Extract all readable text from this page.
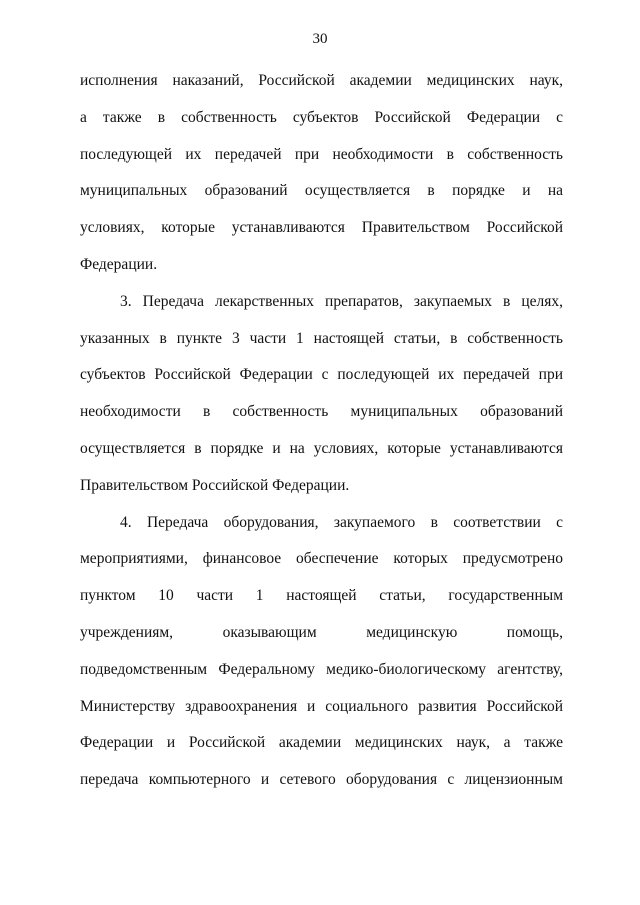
30
исполнения наказаний, Российской академии медицинских наук,
а также в собственность субъектов Российской Федерации с
последующей их передачей при необходимости в собственность
муниципальных образований осуществляется в порядке и на
условиях, которые устанавливаются Правительством Российской
Федерации.
3. Передача лекарственных препаратов, закупаемых в целях,
указанных в пункте 3 части 1 настоящей статьи, в собственность
субъектов Российской Федерации с последующей их передачей при
необходимости в собственность муниципальных образований
осуществляется в порядке и на условиях, которые устанавливаются
Правительством Российской Федерации.
4. Передача оборудования, закупаемого в соответствии с
мероприятиями, финансовое обеспечение которых предусмотрено
пунктом 10 части 1 настоящей статьи, государственным
учреждениям, оказывающим медицинскую помощь,
подведомственным Федеральному медико-биологическому агентству,
Министерству здравоохранения и социального развития Российской
Федерации и Российской академии медицинских наук, а также
передача компьютерного и сетевого оборудования с лицензионным
